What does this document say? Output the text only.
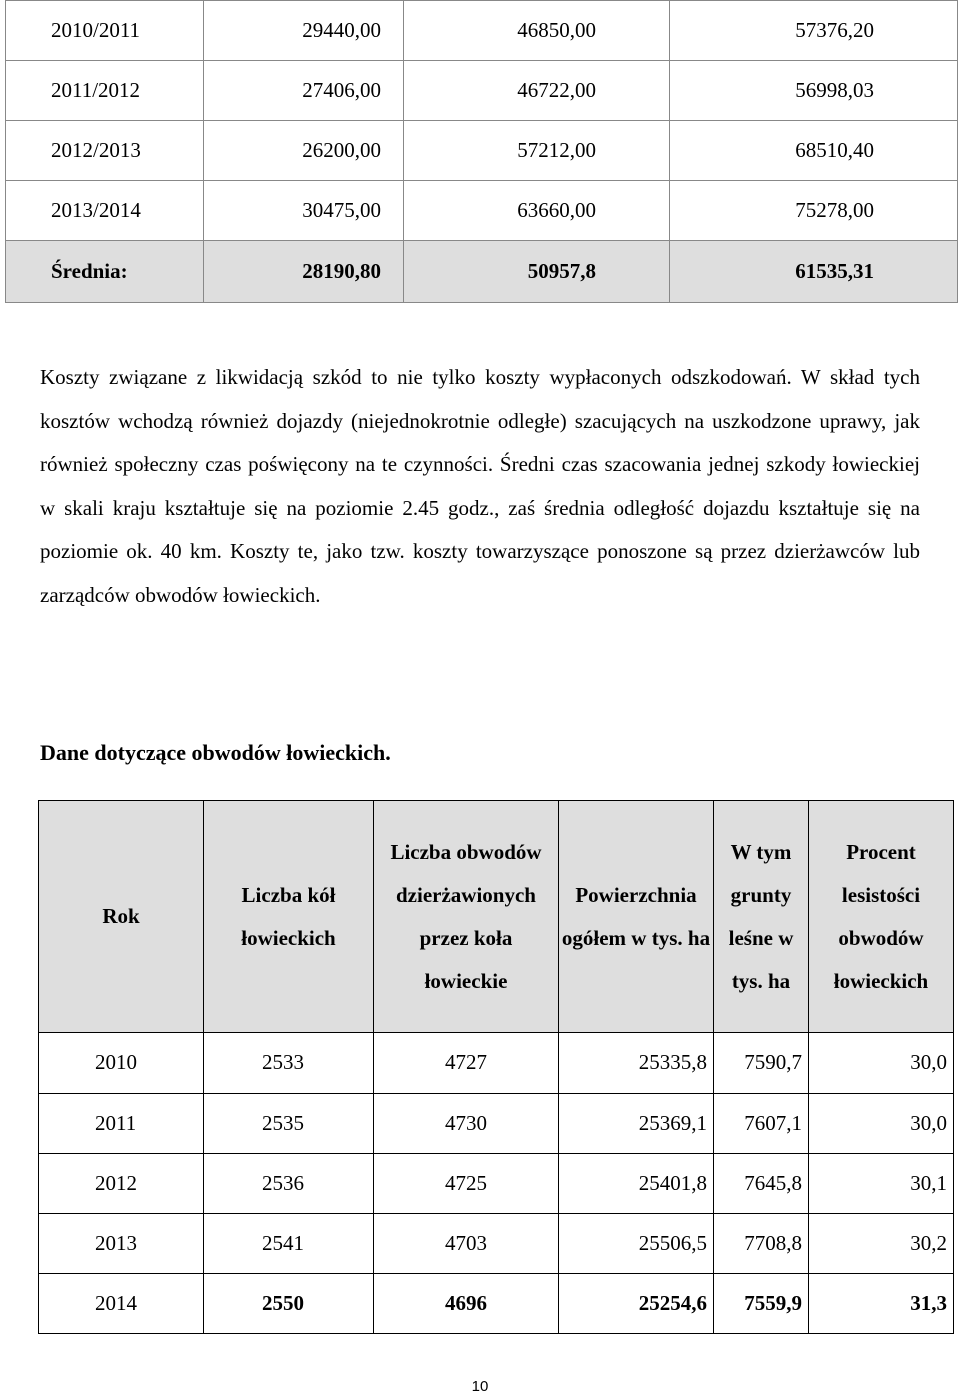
2010/2011	29440,00	46850,00	57376,20
2011/2012	27406,00	46722,00	56998,03
2012/2013	26200,00	57212,00	68510,40
2013/2014	30475,00	63660,00	75278,00
Średnia:	28190,80	50957,8	61535,31

Koszty związane z likwidacją szkód to nie tylko koszty wypłaconych odszkodowań. W skład tych kosztów wchodzą również dojazdy (niejednokrotnie odległe) szacujących na uszkodzone uprawy, jak również społeczny czas poświęcony na te czynności. Średni czas szacowania jednej szkody łowieckiej w skali kraju kształtuje się na poziomie 2.45 godz., zaś średnia odległość dojazdu kształtuje się na poziomie ok. 40 km. Koszty te, jako tzw. koszty towarzyszące ponoszone są przez dzierżawców lub zarządców obwodów łowieckich.

Dane dotyczące obwodów łowieckich.

Rok	Liczba kół łowieckich	Liczba obwodów dzierżawionych przez koła łowieckie	Powierzchnia ogółem w tys. ha	W tym grunty leśne w tys. ha	Procent lesistości obwodów łowieckich
2010	2533	4727	25335,8	7590,7	30,0
2011	2535	4730	25369,1	7607,1	30,0
2012	2536	4725	25401,8	7645,8	30,1
2013	2541	4703	25506,5	7708,8	30,2
2014	2550	4696	25254,6	7559,9	31,3
10
